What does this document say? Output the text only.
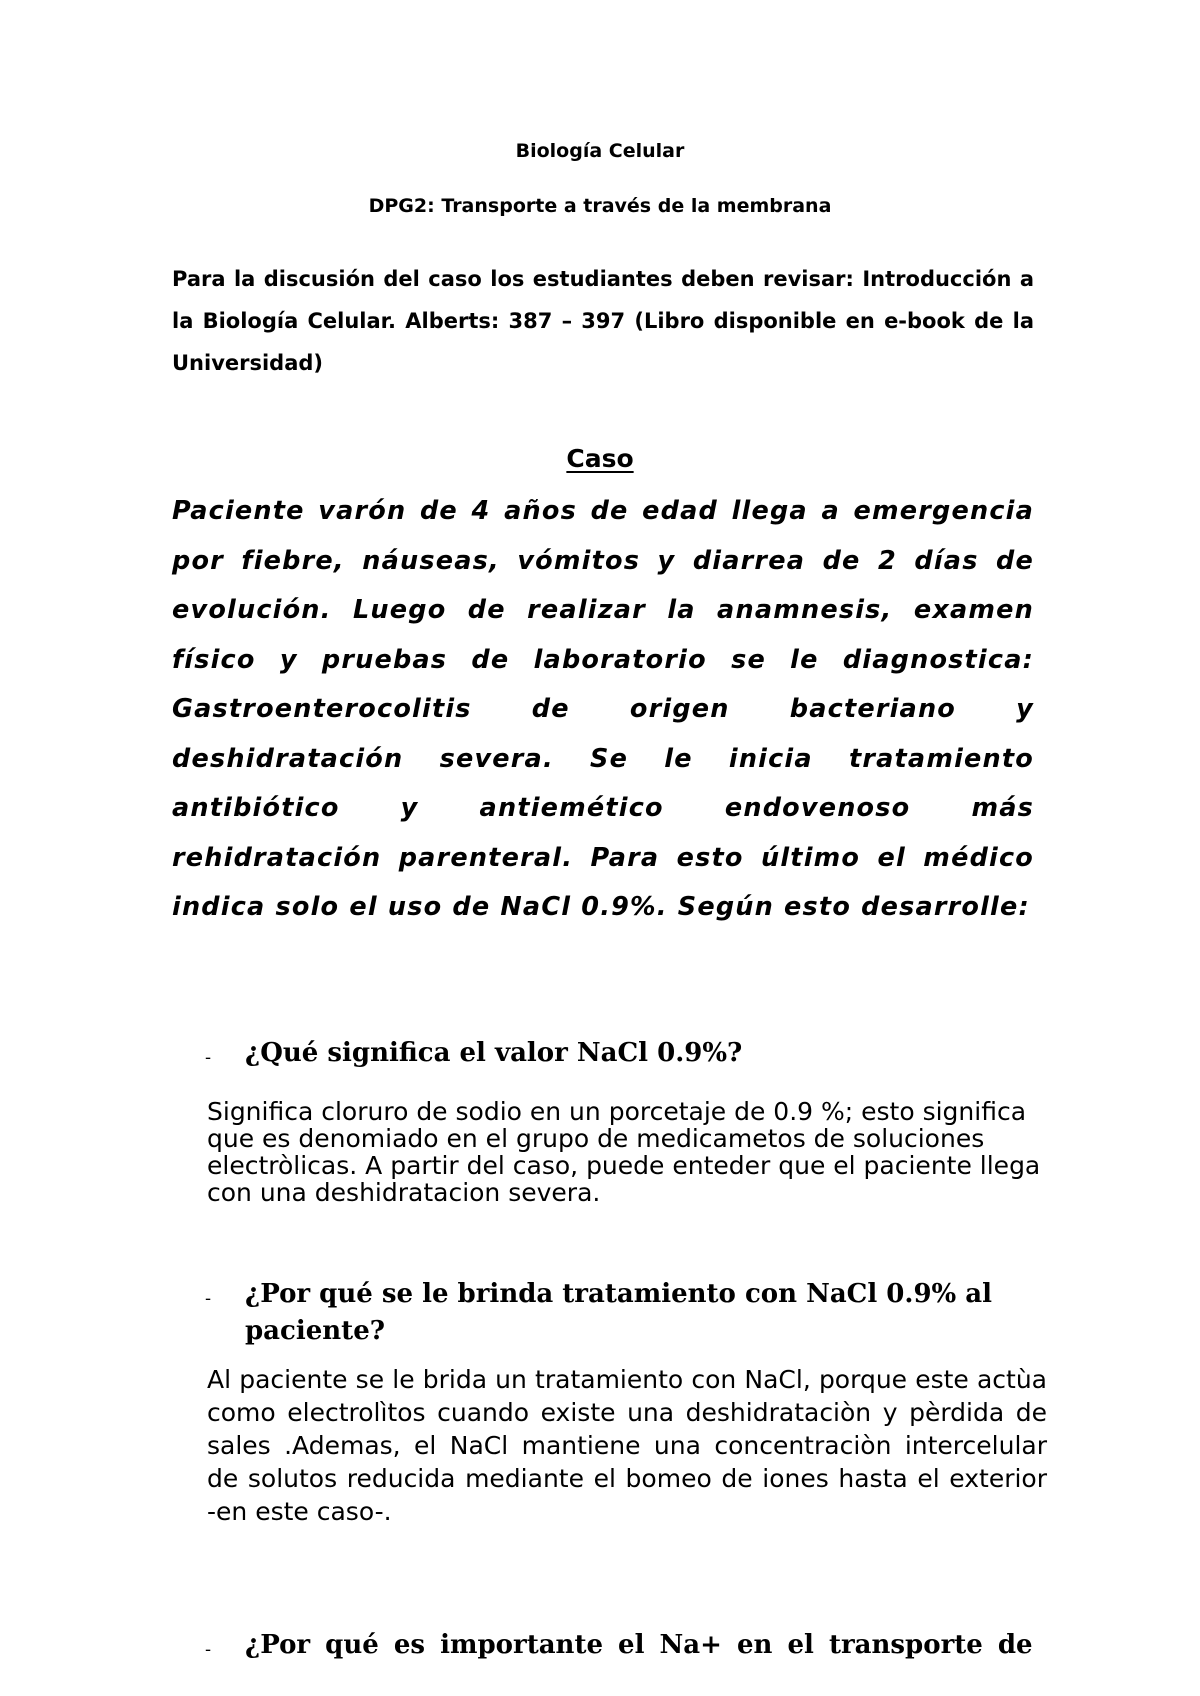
Biología Celular
DPG2: Transporte a través de la membrana

Para la discusión del caso los estudiantes deben revisar: Introducción a la Biología Celular. Alberts: 387 – 397 (Libro disponible en e-book de la Universidad)

Caso

Paciente varón de 4 años de edad llega a emergencia por fiebre, náuseas, vómitos y diarrea de 2 días de evolución. Luego de realizar la anamnesis, examen físico y pruebas de laboratorio se le diagnostica: Gastroenterocolitis de origen bacteriano y deshidratación severa. Se le inicia tratamiento antibiótico y antiemético endovenoso más rehidratación parenteral. Para esto último el médico indica solo el uso de NaCl 0.9%. Según esto desarrolle:

-	¿Qué significa el valor NaCl 0.9%?

Significa cloruro de sodio en un porcetaje de 0.9 %; esto significa que es denomiado en el grupo de medicametos de soluciones electròlicas. A partir del caso, puede enteder que el paciente llega con una deshidratacion severa.

-	¿Por qué se le brinda tratamiento con NaCl 0.9% al paciente?

Al paciente se le brida un tratamiento con NaCl, porque este actùa como electrolìtos cuando existe una deshidrataciòn y pèrdida de sales .Ademas, el NaCl mantiene una concentraciòn intercelular de solutos reducida mediante el bomeo de iones hasta el exterior -en este caso-.

-	¿Por qué es importante el Na+ en el transporte de
